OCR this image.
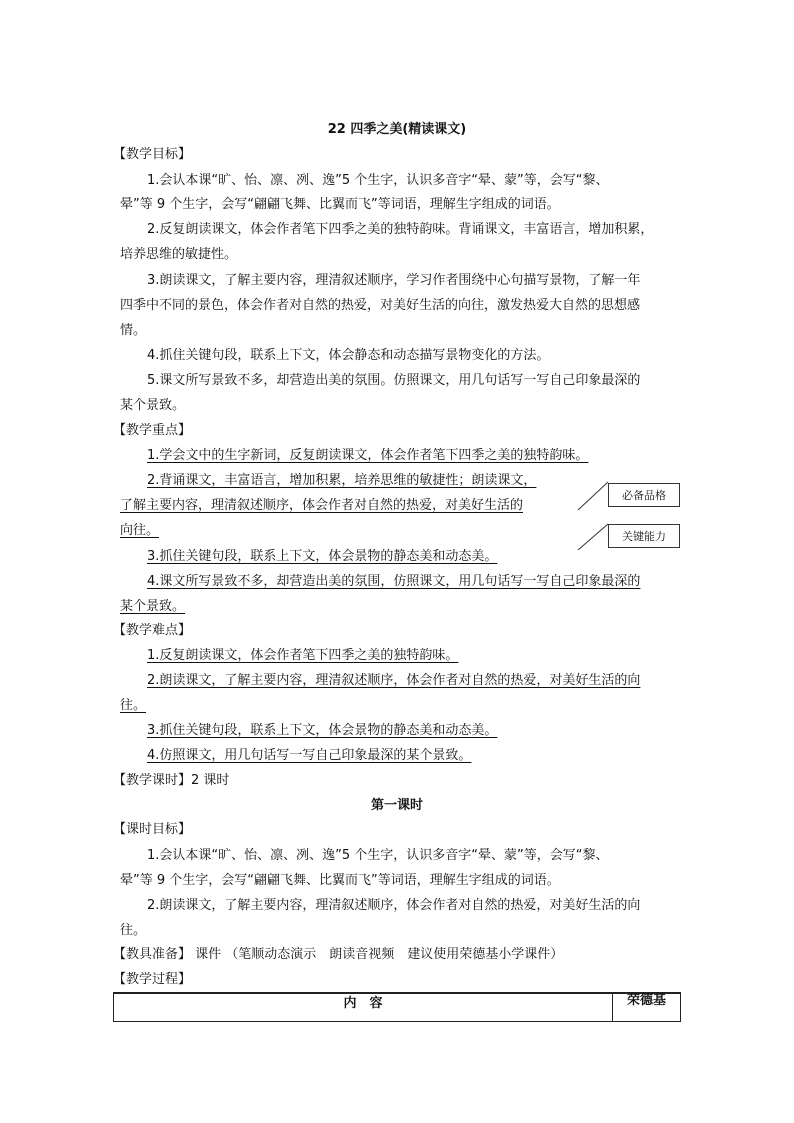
22 四季之美(精读课文)
【教学目标】
1.会认本课“旷、怡、凛、冽、逸”5 个生字，认识多音字“晕、蒙”等，会写“黎、
晕”等 9 个生字，会写“翩翩飞舞、比翼而飞”等词语，理解生字组成的词语。
2.反复朗读课文，体会作者笔下四季之美的独特韵味。背诵课文，丰富语言，增加积累，
培养思维的敏捷性。
3.朗读课文，了解主要内容，理清叙述顺序，学习作者围绕中心句描写景物，了解一年
四季中不同的景色，体会作者对自然的热爱，对美好生活的向往，激发热爱大自然的思想感
情。
4.抓住关键句段，联系上下文，体会静态和动态描写景物变化的方法。
5.课文所写景致不多，却营造出美的氛围。仿照课文，用几句话写一写自己印象最深的
某个景致。
【教学重点】
1.学会文中的生字新词，反复朗读课文，体会作者笔下四季之美的独特韵味。
2.背诵课文，丰富语言，增加积累，培养思维的敏捷性；朗读课文，
了解主要内容，理清叙述顺序，体会作者对自然的热爱，对美好生活的
向往。
3.抓住关键句段，联系上下文，体会景物的静态美和动态美。
4.课文所写景致不多，却营造出美的氛围，仿照课文，用几句话写一写自己印象最深的
某个景致。
必备品格
关键能力
【教学难点】
1.反复朗读课文，体会作者笔下四季之美的独特韵味。
2.朗读课文，了解主要内容，理清叙述顺序，体会作者对自然的热爱，对美好生活的向
往。
3.抓住关键句段，联系上下文，体会景物的静态美和动态美。
4.仿照课文，用几句话写一写自己印象最深的某个景致。
【教学课时】2 课时
第一课时
【课时目标】
1.会认本课“旷、怡、凛、冽、逸”5 个生字，认识多音字“晕、蒙”等，会写“黎、
晕”等 9 个生字，会写“翩翩飞舞、比翼而飞”等词语，理解生字组成的词语。
2.朗读课文，了解主要内容，理清叙述顺序，体会作者对自然的热爱，对美好生活的向
往。
【教具准备】 课件 （笔顺动态演示　朗读音视频　建议使用荣德基小学课件）
【教学过程】
内　容	荣德基
